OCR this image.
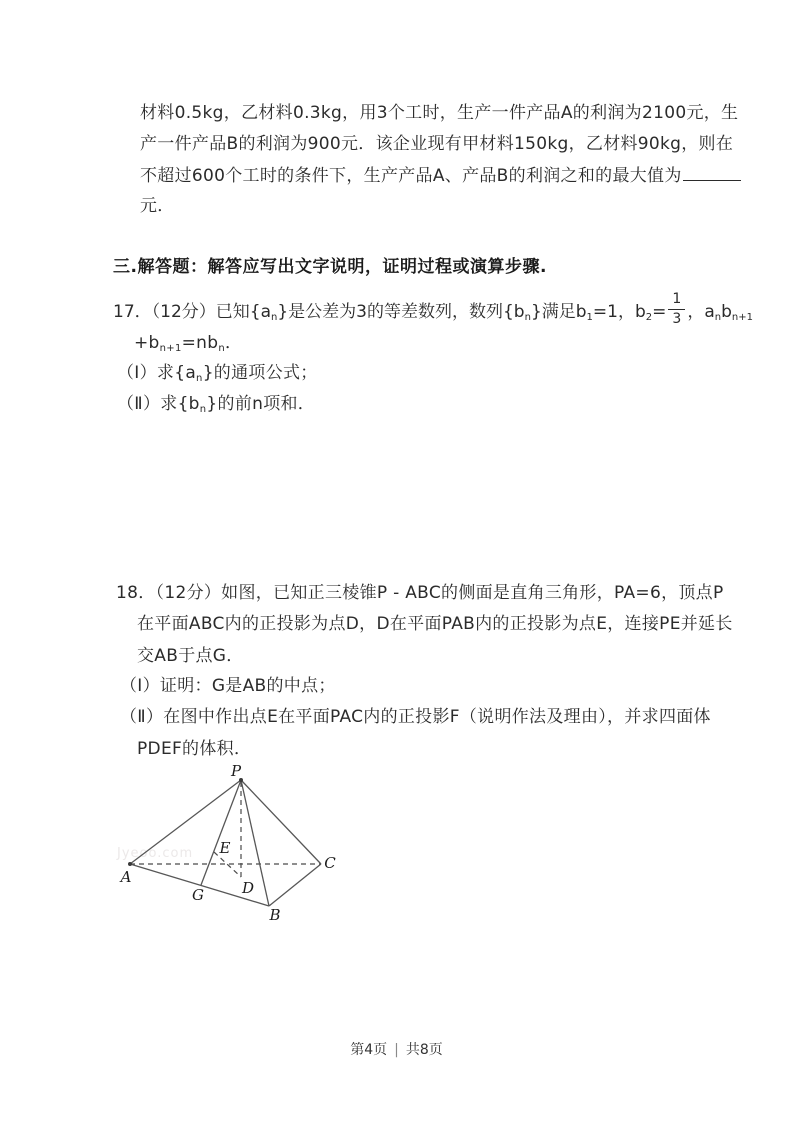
材料0.5kg，乙材料0.3kg，用3个工时，生产一件产品A的利润为2100元，生
产一件产品B的利润为900元．该企业现有甲材料150kg，乙材料90kg，则在
不超过600个工时的条件下，生产产品A、产品B的利润之和的最大值为
元．
三.解答题：解答应写出文字说明，证明过程或演算步骤.
17．（12分）已知$\{a_n\}$是公差为3的等差数列，数列$\{b_n\}$满足$b_1=1$，$b_2= \frac{1}{3}$ ，$a_nb_{n+1}$
$+b_{n+1}=nb_n$．
（Ⅰ）求$\{a_n\}$的通项公式；
（Ⅱ）求$\{b_n\}$的前n项和．
18．（12分）如图，已知正三棱锥P - ABC的侧面是直角三角形，PA=6，顶点P
在平面ABC内的正投影为点D，D在平面PAB内的正投影为点E，连接PE并延长
交AB于点G．
（Ⅰ）证明：G是AB的中点；
（Ⅱ）在图中作出点E在平面PAC内的正投影F（说明作法及理由），并求四面体
PDEF的体积．
Jyeoo.com
P
A
B
C
D
E
G
第4页 | 共8页
